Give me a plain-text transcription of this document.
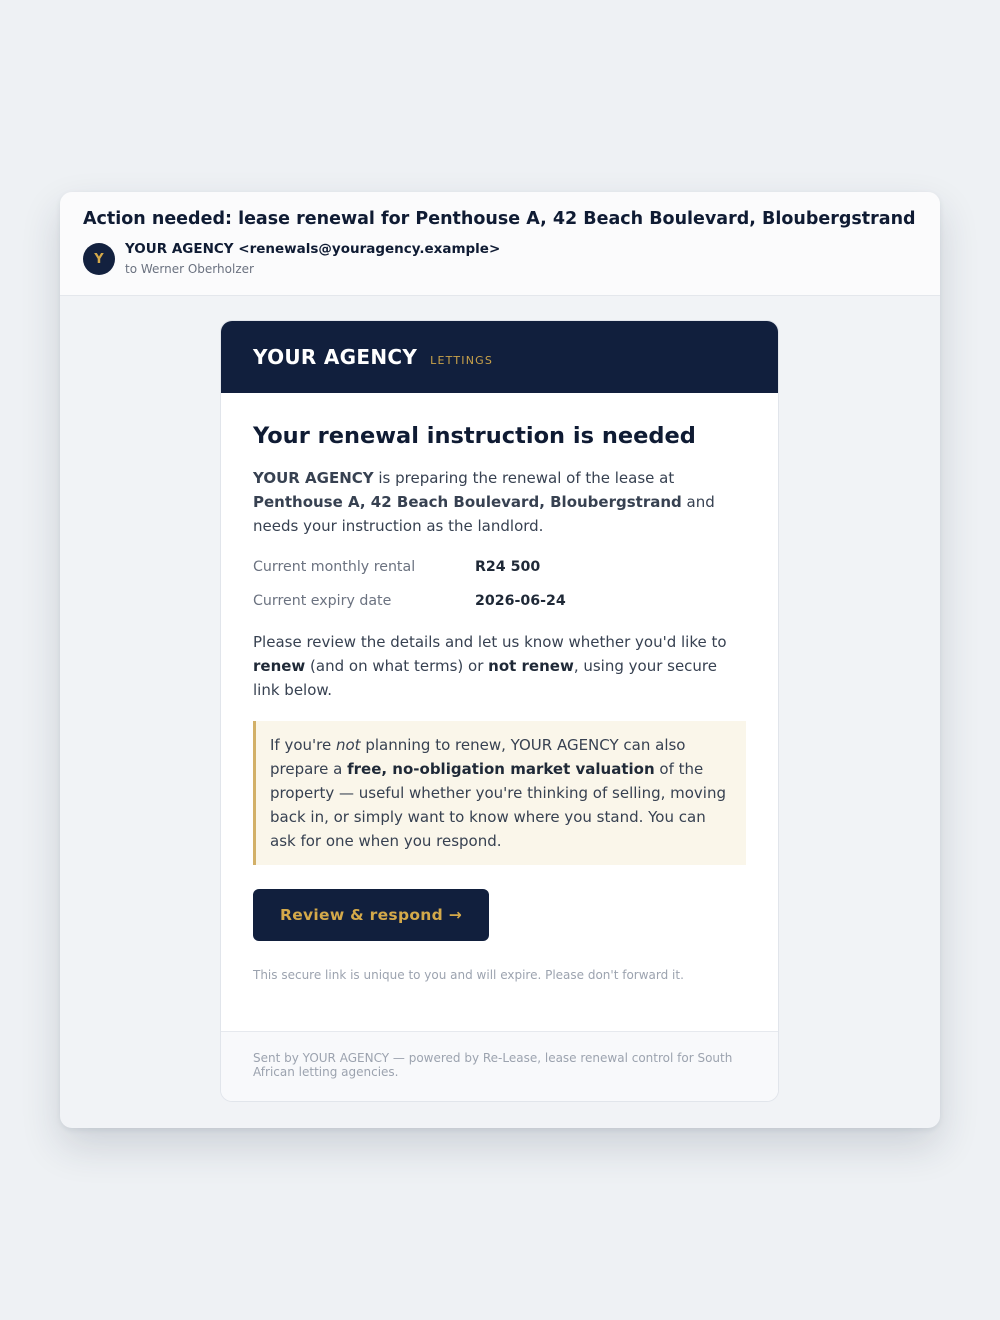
Action needed: lease renewal for Penthouse A, 42 Beach Boulevard, Bloubergstrand
Y
YOUR AGENCY <renewals@youragency.example>
to Werner Oberholzer
YOUR AGENCY LETTINGS
Your renewal instruction is needed

YOUR AGENCY is preparing the renewal of the lease at Penthouse A, 42 Beach Boulevard, Bloubergstrand and needs your instruction as the landlord.

Current monthly rental	R24 500
Current expiry date	2026-06-24

Please review the details and let us know whether you'd like to renew (and on what terms) or not renew, using your secure link below.

If you're not planning to renew, YOUR AGENCY can also prepare a free, no-obligation market valuation of the property — useful whether you're thinking of selling, moving back in, or simply want to know where you stand. You can ask for one when you respond.
Review & respond →

This secure link is unique to you and will expire. Please don't forward it.

Sent by YOUR AGENCY — powered by Re-Lease, lease renewal control for South African letting agencies.
